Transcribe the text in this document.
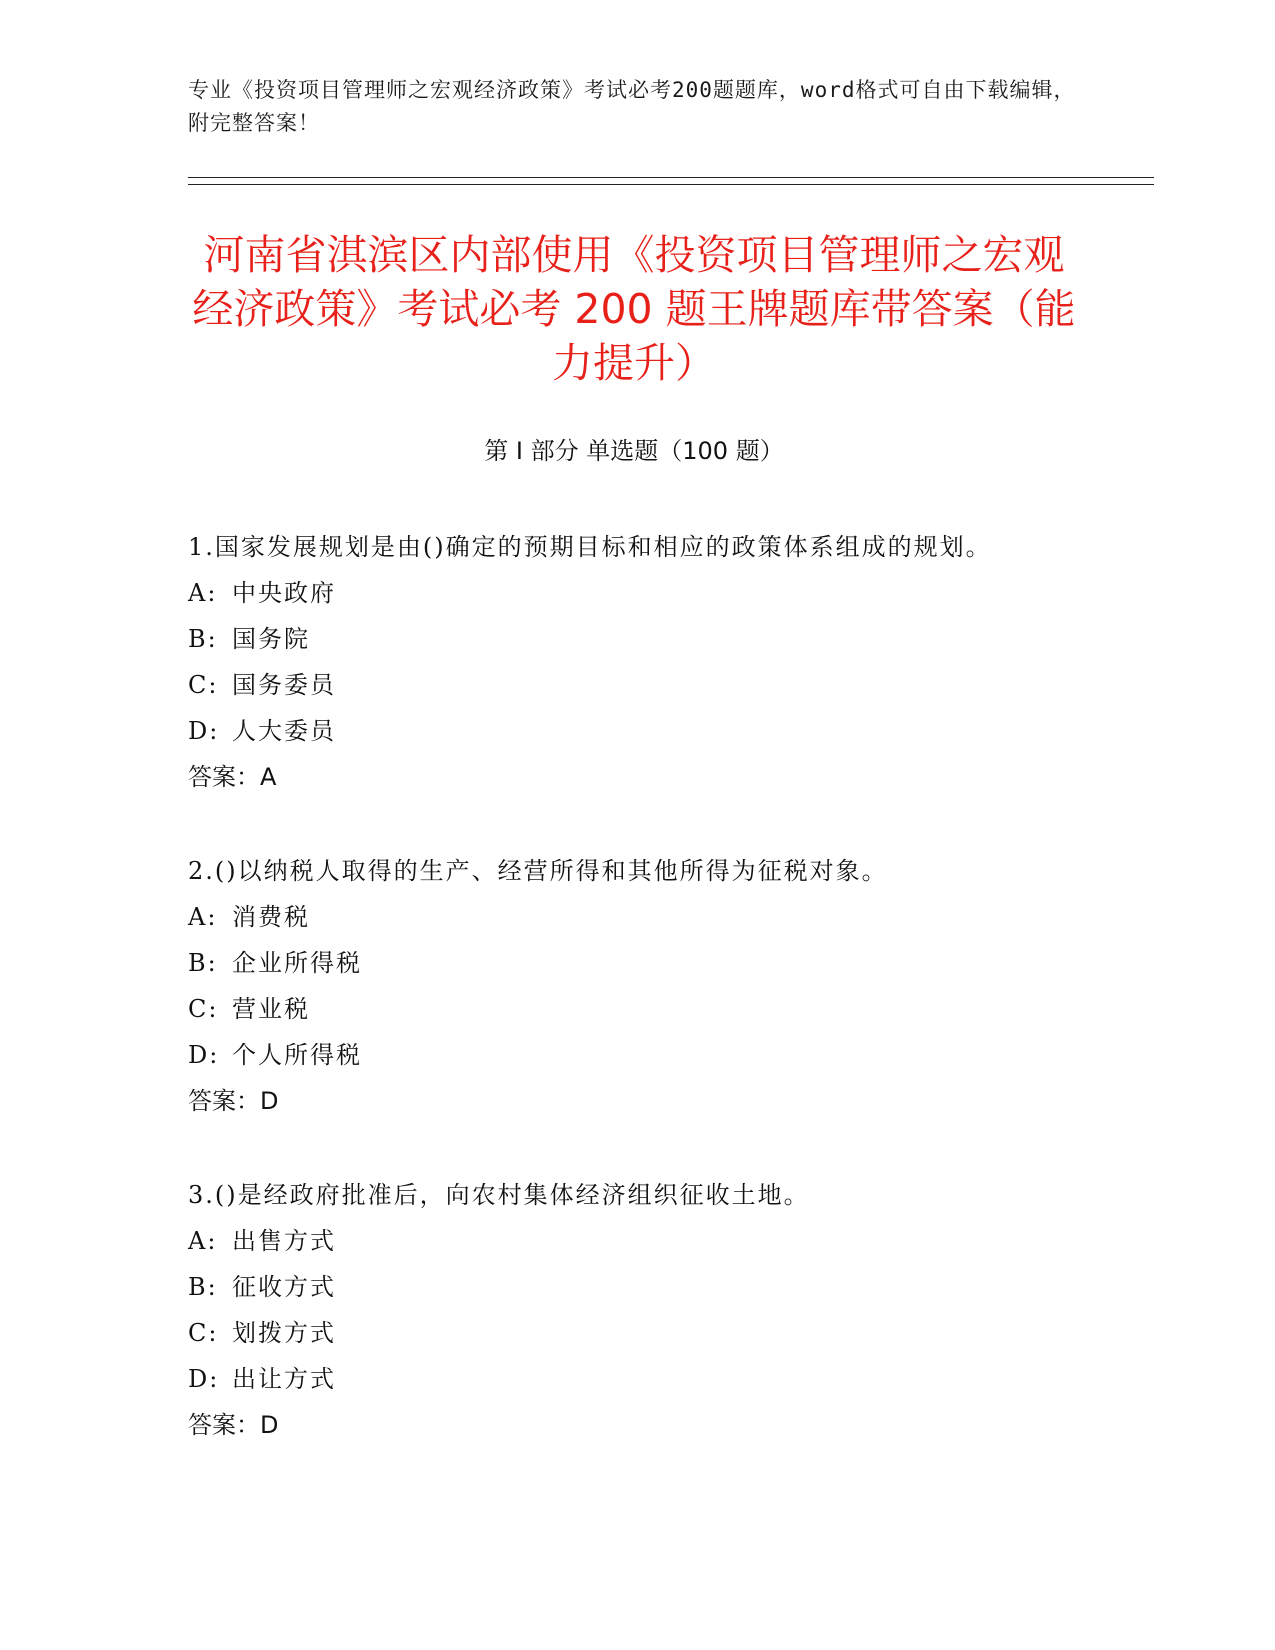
专业《投资项目管理师之宏观经济政策》考试必考200题题库，word格式可自由下载编辑，附完整答案！
河南省淇滨区内部使用《投资项目管理师之宏观经济政策》考试必考 200 题王牌题库带答案（能力提升）
第 I 部分 单选题（100 题）

1.国家发展规划是由()确定的预期目标和相应的政策体系组成的规划。

A: 中央政府
B: 国务院
C: 国务委员
D: 人大委员

答案：A

2.()以纳税人取得的生产、经营所得和其他所得为征税对象。

A: 消费税
B: 企业所得税
C: 营业税
D: 个人所得税

答案：D

3.()是经政府批准后，向农村集体经济组织征收土地。

A: 出售方式
B: 征收方式
C: 划拨方式
D: 出让方式

答案：D
